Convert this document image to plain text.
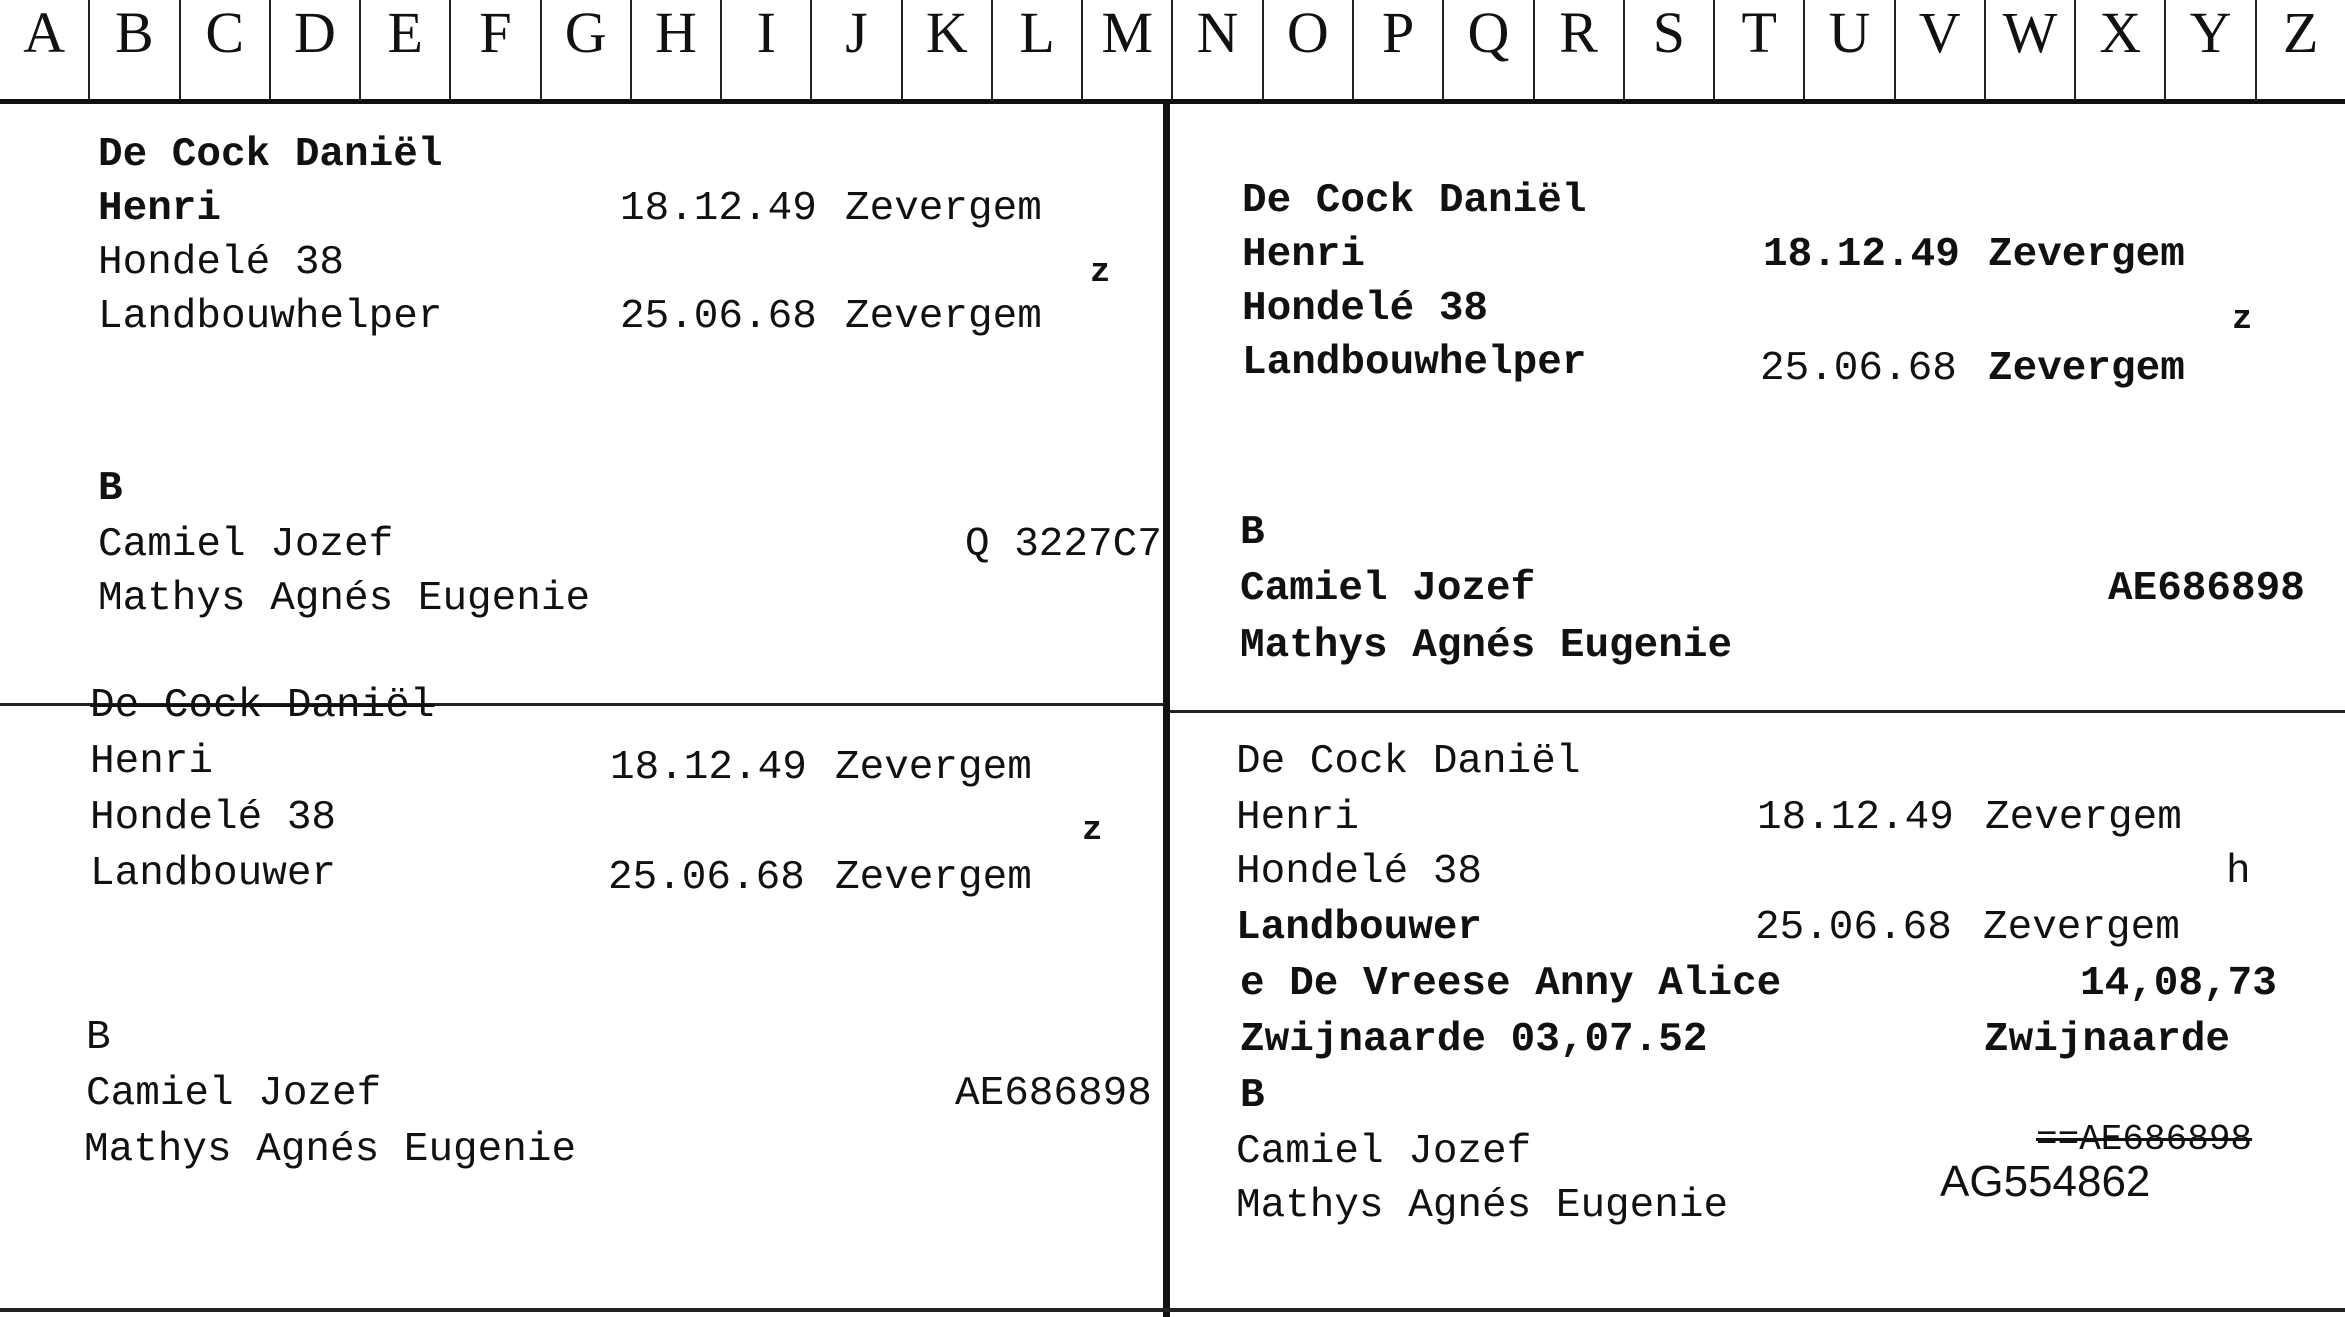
A B C D E F G H	I	J	K L M N O P Q R S T U V W X Y Z
De Cock Daniël
Henri	18.12.49 Zevergem
Hondelé 38	z
Landbouwhelper	25.06.68 Zevergem
B
Camiel Jozef	Q 3227C7
Mathys Agnés Eugenie
De Cock Daniël
Henri	18.12.49 Zevergem
Hondelé 38	z
Landbouwhelper	25.06.68 Zevergem
B
Camiel Jozef	AE686898
Mathys Agnés Eugenie
De Cock Daniël
Henri	18.12.49 Zevergem
Hondelé 38	z
Landbouwer	25.06.68 Zevergem
B
Camiel Jozef	AE686898
Mathys Agnés Eugenie
De Cock Daniël
Henri	18.12.49 Zevergem
Hondelé 38	h
Landbouwer	25.06.68 Zevergem
e De Vreese Anny Alice	14,08,73
Zwijnaarde 03,07.52	Zwijnaarde
B
Camiel Jozef	==AE686898
AG554862
Mathys Agnés Eugenie
